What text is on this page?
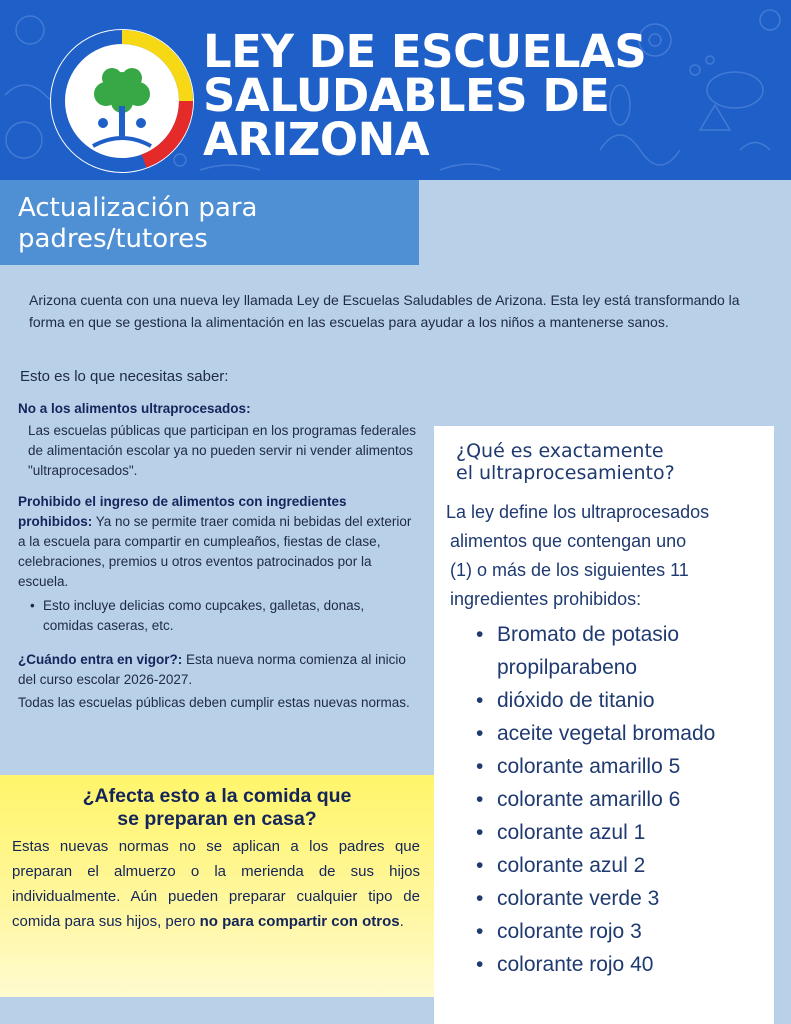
LEY DE ESCUELAS
SALUDABLES DE
ARIZONA
Actualización para
padres/tutores

Arizona cuenta con una nueva ley llamada Ley de Escuelas Saludables de Arizona. Esta ley está transformando la forma en que se gestiona la alimentación en las escuelas para ayudar a los niños a mantenerse sanos.

Esto es lo que necesitas saber:

No a los alimentos ultraprocesados:

Las escuelas públicas que participan en los programas federales de alimentación escolar ya no pueden servir ni vender alimentos "ultraprocesados".

Prohibido el ingreso de alimentos con ingredientes prohibidos: Ya no se permite traer comida ni bebidas del exterior a la escuela para compartir en cumpleaños, fiestas de clase, celebraciones, premios u otros eventos patrocinados por la escuela.

• Esto incluye delicias como cupcakes, galletas, donas, comidas caseras, etc.

¿Cuándo entra en vigor?: Esta nueva norma comienza al inicio del curso escolar 2026-2027.

Todas las escuelas públicas deben cumplir estas nuevas normas.

¿Afecta esto a la comida que
se preparan en casa?

Estas nuevas normas no se aplican a los padres que preparan el almuerzo o la merienda de sus hijos individualmente. Aún pueden preparar cualquier tipo de comida para sus hijos, pero no para compartir con otros.

¿Qué es exactamente
el ultraprocesamiento?
La ley define los ultraprocesados
alimentos que contengan uno
(1) o más de los siguientes 11
ingredientes prohibidos:
• Bromato de potasio
propilparabeno
• dióxido de titanio
• aceite vegetal bromado
• colorante amarillo 5
• colorante amarillo 6
• colorante azul 1
• colorante azul 2
• colorante verde 3
• colorante rojo 3
• colorante rojo 40
